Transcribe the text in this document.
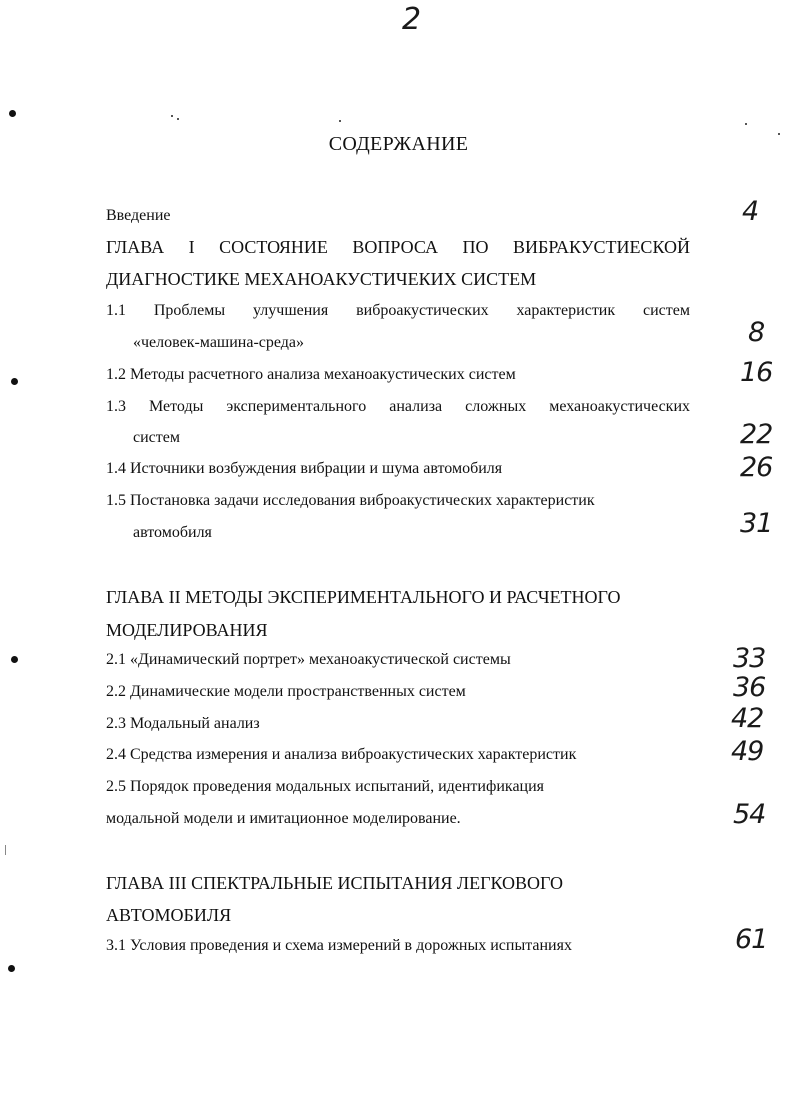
2
СОДЕРЖАНИЕ
Введение	4
ГЛАВА I СОСТОЯНИЕ ВОПРОСА ПО ВИБРАКУСТИЕСКОЙ
ДИАГНОСТИКЕ МЕХАНОАКУСТИЧЕКИХ СИСТЕМ
1.1 Проблемы улучшения виброакустических характеристик систем
«человек-машина-среда»	8
1.2 Методы расчетного анализа механоакустических систем	16
1.3 Методы экспериментального анализа сложных механоакустических
систем	22
1.4 Источники возбуждения вибрации и шума автомобиля	26
1.5 Постановка задачи исследования виброакустических характеристик
автомобиля	31
ГЛАВА II МЕТОДЫ ЭКСПЕРИМЕНТАЛЬНОГО И РАСЧЕТНОГО
МОДЕЛИРОВАНИЯ
2.1 «Динамический портрет» механоакустической системы	33
2.2 Динамические модели пространственных систем	36
2.3 Модальный анализ	42
2.4 Средства измерения и анализа виброакустических характеристик	49
2.5 Порядок проведения модальных испытаний, идентификация
модальной модели и имитационное моделирование.	54
ГЛАВА III СПЕКТРАЛЬНЫЕ ИСПЫТАНИЯ ЛЕГКОВОГО
АВТОМОБИЛЯ
3.1 Условия проведения и схема измерений в дорожных испытаниях	61
